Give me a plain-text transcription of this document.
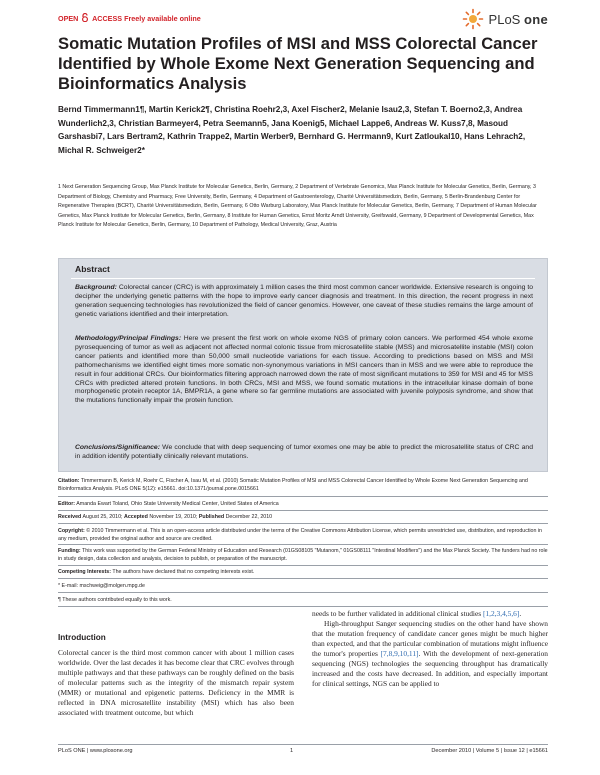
OPEN ACCESS Freely available online	PLoS one
Somatic Mutation Profiles of MSI and MSS Colorectal Cancer Identified by Whole Exome Next Generation Sequencing and Bioinformatics Analysis
Bernd Timmermann1¶, Martin Kerick2¶, Christina Roehr2,3, Axel Fischer2, Melanie Isau2,3, Stefan T. Boerno2,3, Andrea Wunderlich2,3, Christian Barmeyer4, Petra Seemann5, Jana Koenig5, Michael Lappe6, Andreas W. Kuss7,8, Masoud Garshasbi7, Lars Bertram2, Kathrin Trappe2, Martin Werber9, Bernhard G. Herrmann9, Kurt Zatloukal10, Hans Lehrach2, Michal R. Schweiger2*
1 Next Generation Sequencing Group, Max Planck Institute for Molecular Genetics, Berlin, Germany, 2 Department of Vertebrate Genomics, Max Planck Institute for Molecular Genetics, Berlin, Germany, 3 Department of Biology, Chemistry and Pharmacy, Free University, Berlin, Germany, 4 Department of Gastroenterology, Charité Universitätsmedizin, Berlin, Germany, 5 Berlin-Brandenburg Center for Regenerative Therapies (BCRT), Charité Universitätsmedizin, Berlin, Germany, 6 Otto Warburg Laboratory, Max Planck Institute for Molecular Genetics, Berlin, Germany, 7 Department of Human Molecular Genetics, Max Planck Institute for Molecular Genetics, Berlin, Germany, 8 Institute for Human Genetics, Ernst Moritz Arndt University, Greifswald, Germany, 9 Department of Developmental Genetics, Max Planck Institute for Molecular Genetics, Berlin, Germany, 10 Department of Pathology, Medical University, Graz, Austria
Abstract

Background: Colorectal cancer (CRC) is with approximately 1 million cases the third most common cancer worldwide. Extensive research is ongoing to decipher the underlying genetic patterns with the hope to improve early cancer diagnosis and treatment. In this direction, the recent progress in next generation sequencing technologies has revolutionized the field of cancer genomics. However, one caveat of these studies remains the large amount of genetic variations identified and their interpretation.

Methodology/Principal Findings: Here we present the first work on whole exome NGS of primary colon cancers. We performed 454 whole exome pyrosequencing of tumor as well as adjacent not affected normal colonic tissue from microsatellite stable (MSS) and microsatellite instable (MSI) colon cancer patients and identified more than 50,000 small nucleotide variations for each tissue. According to predictions based on MSS and MSI pathomechanisms we identified eight times more somatic non-synonymous variations in MSI cancers than in MSS and we were able to reproduce the result in four additional CRCs. Our bioinformatics filtering approach narrowed down the rate of most significant mutations to 359 for MSI and 45 for MSS CRCs with predicted altered protein functions. In both CRCs, MSI and MSS, we found somatic mutations in the intracellular kinase domain of bone morphogenetic protein receptor 1A, BMPR1A, a gene where so far germline mutations are associated with juvenile polyposis syndrome, and show that the mutations functionally impair the protein function.

Conclusions/Significance: We conclude that with deep sequencing of tumor exomes one may be able to predict the microsatellite status of CRC and in addition identify potentially clinically relevant mutations.

Citation: Timmermann B, Kerick M, Roehr C, Fischer A, Isau M, et al. (2010) Somatic Mutation Profiles of MSI and MSS Colorectal Cancer Identified by Whole Exome Next Generation Sequencing and Bioinformatics Analysis. PLoS ONE 5(12): e15661. doi:10.1371/journal.pone.0015661
Editor: Amanda Ewart Toland, Ohio State University Medical Center, United States of America
Received August 25, 2010; Accepted November 19, 2010; Published December 22, 2010
Copyright: © 2010 Timmermann et al. This is an open-access article distributed under the terms of the Creative Commons Attribution License, which permits unrestricted use, distribution, and reproduction in any medium, provided the original author and source are credited.
Funding: This work was supported by the German Federal Ministry of Education and Research (01GS08105 "Mutanom," 01GS08111 "Intestinal Modifiers") and the Max Planck Society. The funders had no role in study design, data collection and analysis, decision to publish, or preparation of the manuscript.
Competing Interests: The authors have declared that no competing interests exist.
* E-mail: mschweig@molgen.mpg.de
¶ These authors contributed equally to this work.
Introduction

Colorectal cancer is the third most common cancer with about 1 million cases worldwide. Over the last decades it has become clear that CRC evolves through multiple pathways and that these pathways can be roughly defined on the basis of molecular patterns such as the integrity of the mismatch repair system (MMR) or mutational and epigenetic patterns. Deficiency in the MMR is reflected in DNA microsatellite instability (MSI) which has also been associated with treatment outcome, but which

needs to be further validated in additional clinical studies [1,2,3,4,5,6].

High-throughput Sanger sequencing studies on the other hand have shown that the mutation frequency of candidate cancer genes might be much higher than expected, and that the particular combination of mutations might influence the tumor's properties [7,8,9,10,11]. With the development of next-generation sequencing (NGS) technologies the sequencing throughput has dramatically increased and the costs have decreased. In addition, and especially important for clinical settings, NGS can be applied to

PLoS ONE | www.plosone.org	1	December 2010 | Volume 5 | Issue 12 | e15661
